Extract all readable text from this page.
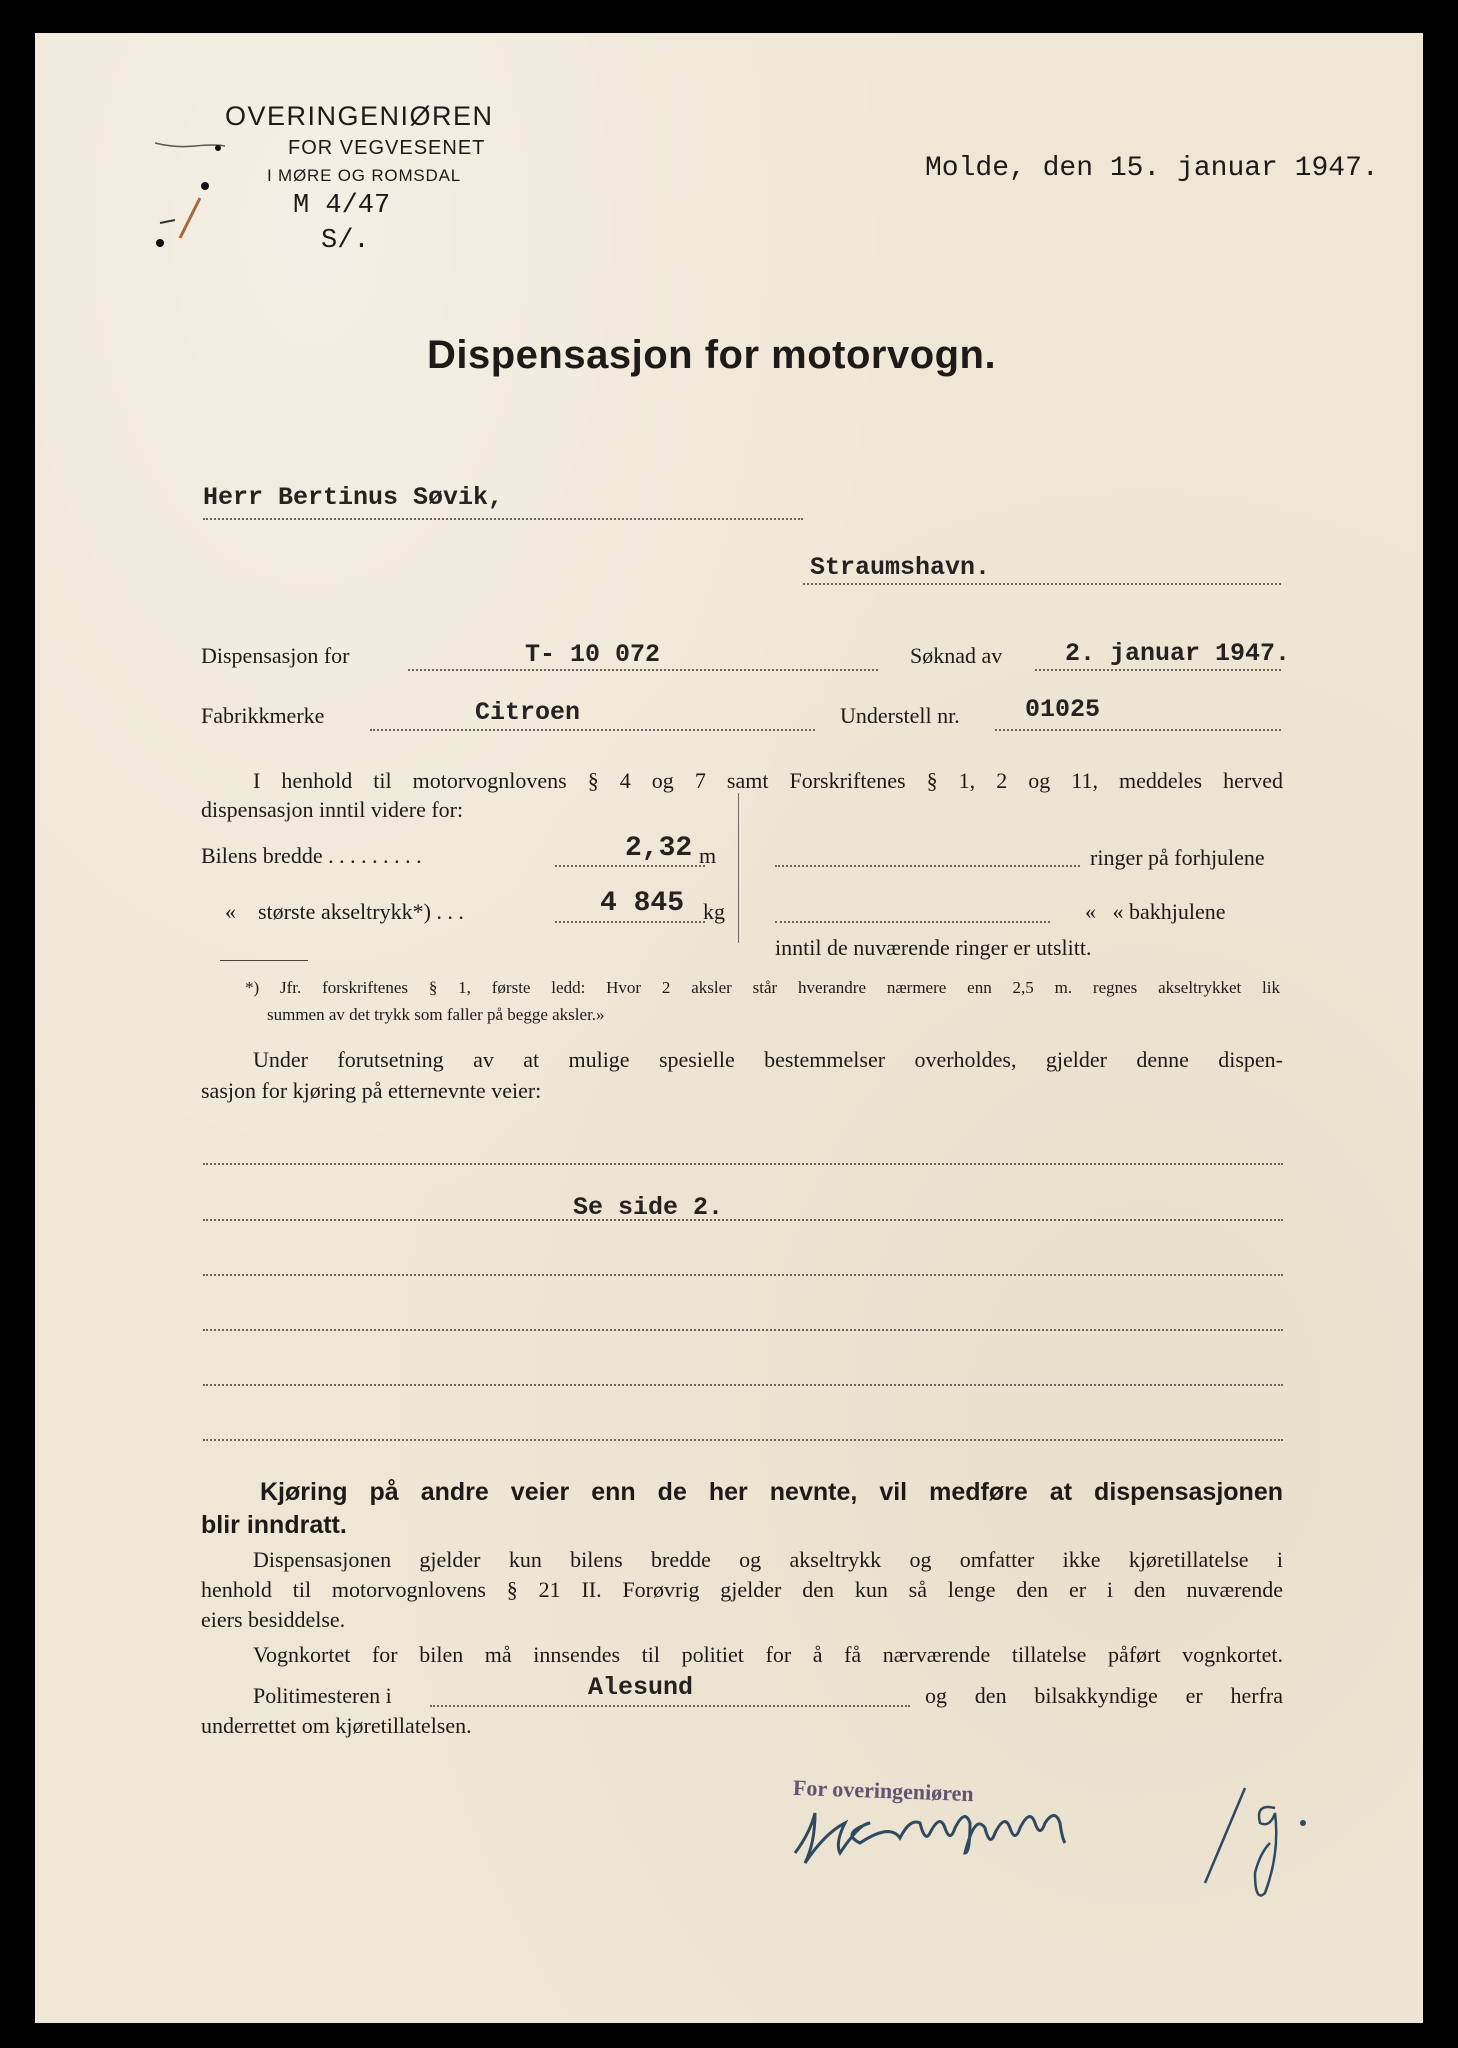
OVERINGENIØREN
FOR VEGVESENET
I MØRE OG ROMSDAL
M 4/47
S/.
Molde, den 15. januar 1947.
Dispensasjon for motorvogn.
Herr Bertinus Søvik,
Straumshavn.
Dispensasjon for	T- 10 072	Søknad av	2. januar 1947.
Fabrikkmerke	Citroen	Understell nr.	01025
I henhold til motorvognlovens § 4 og 7 samt Forskriftenes § 1, 2 og 11, meddeles herved
dispensasjon inntil videre for:
Bilens bredde . . . . . . . . .	2,32 m
«    største akseltrykk*) . . .	4 845 kg
ringer på forhjulene
«   « bakhjulene
inntil de nuværende ringer er utslitt.
*) Jfr. forskriftenes § 1, første ledd: Hvor 2 aksler står hverandre nærmere enn 2,5 m. regnes akseltrykket lik
summen av det trykk som faller på begge aksler.»
Under forutsetning av at mulige spesielle bestemmelser overholdes, gjelder denne dispen-
sasjon for kjøring på etternevnte veier:
Se side 2.
Kjøring på andre veier enn de her nevnte, vil medføre at dispensasjonen
blir inndratt.
Dispensasjonen gjelder kun bilens bredde og akseltrykk og omfatter ikke kjøretillatelse i
henhold til motorvognlovens § 21 II. Forøvrig gjelder den kun så lenge den er i den nuværende
eiers besiddelse.
Vognkortet for bilen må innsendes til politiet for å få nærværende tillatelse påført vognkortet.
Politimesteren i	Alesund	og den bilsakkyndige er herfra
underrettet om kjøretillatelsen.
For overingeniøren
